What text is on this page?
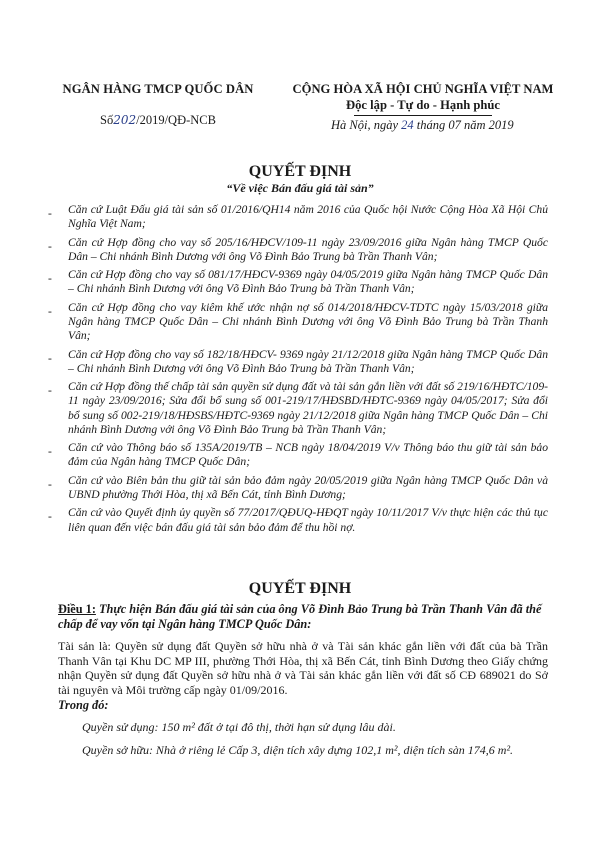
NGÂN HÀNG TMCP QUỐC DÂN
Số202/2019/QĐ-NCB
CỘNG HÒA XÃ HỘI CHỦ NGHĨA VIỆT NAM
Độc lập - Tự do - Hạnh phúc
Hà Nội, ngày 24 tháng 07 năm 2019
QUYẾT ĐỊNH
“Về việc Bán đấu giá tài sản”
- Căn cứ Luật Đấu giá tài sản số 01/2016/QH14 năm 2016 của Quốc hội Nước Cộng Hòa Xã Hội Chủ Nghĩa Việt Nam;
- Căn cứ Hợp đồng cho vay số 205/16/HĐCV/109-11 ngày 23/09/2016 giữa Ngân hàng TMCP Quốc Dân – Chi nhánh Bình Dương với ông Võ Đình Bảo Trung bà Trần Thanh Vân;
- Căn cứ Hợp đồng cho vay số 081/17/HĐCV-9369 ngày 04/05/2019 giữa Ngân hàng TMCP Quốc Dân – Chi nhánh Bình Dương với ông Võ Đình Bảo Trung bà Trần Thanh Vân;
- Căn cứ Hợp đồng cho vay kiêm khế ước nhận nợ số 014/2018/HĐCV-TDTC ngày 15/03/2018 giữa Ngân hàng TMCP Quốc Dân – Chi nhánh Bình Dương với ông Võ Đình Bảo Trung bà Trần Thanh Vân;
- Căn cứ Hợp đồng cho vay số 182/18/HĐCV- 9369 ngày 21/12/2018 giữa Ngân hàng TMCP Quốc Dân – Chi nhánh Bình Dương với ông Võ Đình Bảo Trung bà Trần Thanh Vân;
- Căn cứ Hợp đồng thế chấp tài sản quyền sử dụng đất và tài sản gắn liền với đất số 219/16/HĐTC/109-11 ngày 23/09/2016; Sửa đổi bổ sung số 001-219/17/HĐSBD/HĐTC-9369 ngày 04/05/2017; Sửa đổi bổ sung số 002-219/18/HĐSBS/HĐTC-9369 ngày 21/12/2018 giữa Ngân hàng TMCP Quốc Dân – Chi nhánh Bình Dương với ông Võ Đình Bảo Trung bà Trần Thanh Vân;
- Căn cứ vào Thông báo số 135A/2019/TB – NCB ngày 18/04/2019 V/v Thông báo thu giữ tài sản bảo đảm của Ngân hàng TMCP Quốc Dân;
- Căn cứ vào Biên bản thu giữ tài sản bảo đảm ngày 20/05/2019 giữa Ngân hàng TMCP Quốc Dân và UBND phường Thới Hòa, thị xã Bến Cát, tỉnh Bình Dương;
- Căn cứ vào Quyết định ủy quyền số 77/2017/QĐUQ-HĐQT ngày 10/11/2017 V/v thực hiện các thủ tục liên quan đến việc bán đấu giá tài sản bảo đảm để thu hồi nợ.
QUYẾT ĐỊNH
Điều 1: Thực hiện Bán đấu giá tài sản của ông Võ Đình Bảo Trung bà Trần Thanh Vân đã thế chấp để vay vốn tại Ngân hàng TMCP Quốc Dân:
Tài sản là: Quyền sử dụng đất Quyền sở hữu nhà ở và Tài sản khác gắn liền với đất của bà Trần Thanh Vân tại Khu DC MP III, phường Thới Hòa, thị xã Bến Cát, tỉnh Bình Dương theo Giấy chứng nhận Quyền sử dụng đất Quyền sở hữu nhà ở và Tài sản khác gắn liền với đất số CĐ 689021 do Sở tài nguyên và Môi trường cấp ngày 01/09/2016.
Trong đó:
Quyền sử dụng: 150 m² đất ở tại đô thị, thời hạn sử dụng lâu dài.
Quyền sở hữu: Nhà ở riêng lẻ Cấp 3, diện tích xây dựng 102,1 m², diện tích sàn 174,6 m².
